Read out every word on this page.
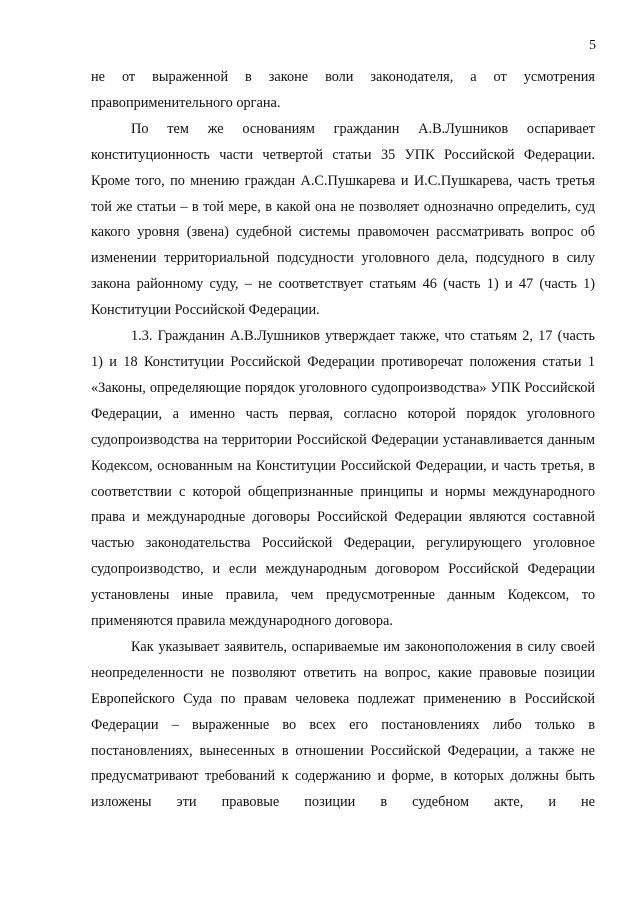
5

не от выраженной в законе воли законодателя, а от усмотрения правоприменительного органа.

По тем же основаниям гражданин А.В.Лушников оспаривает конституционность части четвертой статьи 35 УПК Российской Федерации. Кроме того, по мнению граждан А.С.Пушкарева и И.С.Пушкарева, часть третья той же статьи – в той мере, в какой она не позволяет однозначно определить, суд какого уровня (звена) судебной системы правомочен рассматривать вопрос об изменении территориальной подсудности уголовного дела, подсудного в силу закона районному суду, – не соответствует статьям 46 (часть 1) и 47 (часть 1) Конституции Российской Федерации.

1.3. Гражданин А.В.Лушников утверждает также, что статьям 2, 17 (часть 1) и 18 Конституции Российской Федерации противоречат положения статьи 1 «Законы, определяющие порядок уголовного судопроизводства» УПК Российской Федерации, а именно часть первая, согласно которой порядок уголовного судопроизводства на территории Российской Федерации устанавливается данным Кодексом, основанным на Конституции Российской Федерации, и часть третья, в соответствии с которой общепризнанные принципы и нормы международного права и международные договоры Российской Федерации являются составной частью законодательства Российской Федерации, регулирующего уголовное судопроизводство, и если международным договором Российской Федерации установлены иные правила, чем предусмотренные данным Кодексом, то применяются правила международного договора.

Как указывает заявитель, оспариваемые им законоположения в силу своей неопределенности не позволяют ответить на вопрос, какие правовые позиции Европейского Суда по правам человека подлежат применению в Российской Федерации – выраженные во всех его постановлениях либо только в постановлениях, вынесенных в отношении Российской Федерации, а также не предусматривают требований к содержанию и форме, в которых должны быть изложены эти правовые позиции в судебном акте, и не
